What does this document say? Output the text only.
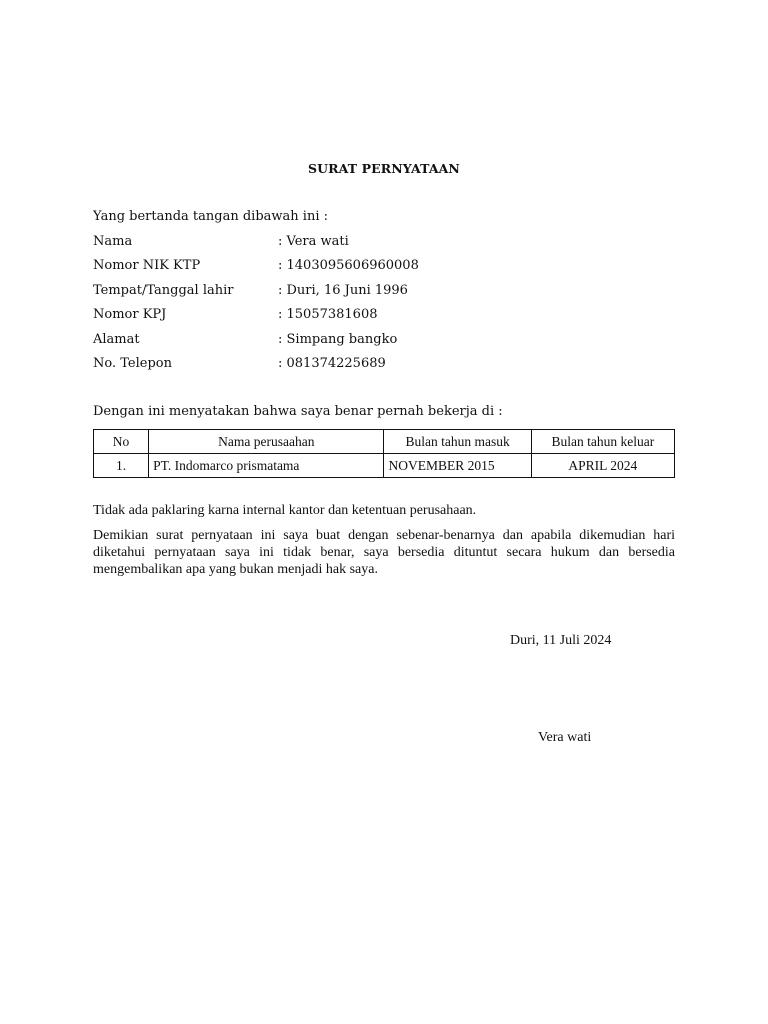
SURAT PERNYATAAN
Yang bertanda tangan dibawah ini :
Nama	: Vera wati
Nomor NIK KTP	: 1403095606960008
Tempat/Tanggal lahir	: Duri, 16 Juni 1996
Nomor KPJ	: 15057381608
Alamat	: Simpang bangko
No. Telepon	: 081374225689
Dengan ini menyatakan bahwa saya benar pernah bekerja di :
No	Nama perusaahan	Bulan tahun masuk	Bulan tahun keluar
1.	PT. Indomarco prismatama	NOVEMBER 2015	APRIL 2024
Tidak ada paklaring karna internal kantor dan ketentuan perusahaan.
Demikian surat pernyataan ini saya buat dengan sebenar-benarnya dan apabila dikemudian hari diketahui pernyataan saya ini tidak benar, saya bersedia dituntut secara hukum dan bersedia mengembalikan apa yang bukan menjadi hak saya.
Duri, 11 Juli 2024
Vera wati
